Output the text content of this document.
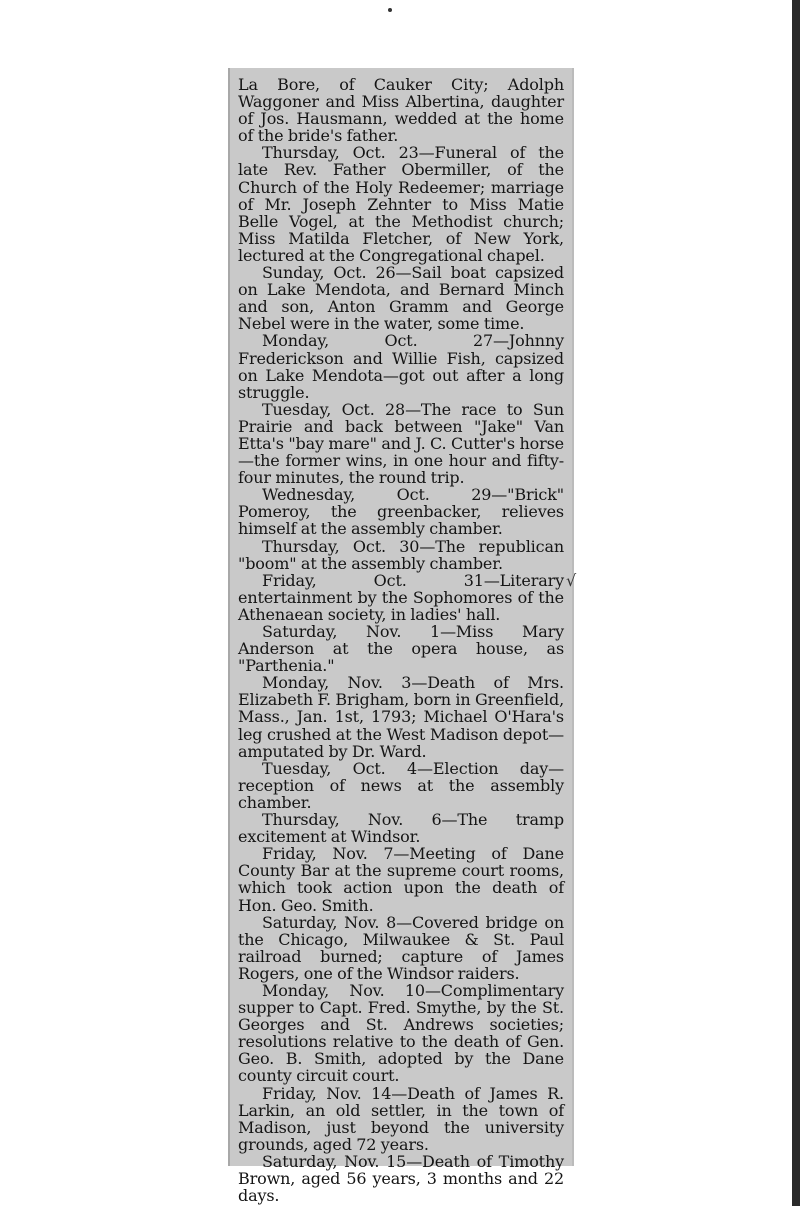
La Bore, of Cauker City; Adolph Waggoner and Miss Albertina, daughter of Jos. Hausmann, wedded at the home of the bride's father.

Thursday, Oct. 23—Funeral of the late Rev. Father Obermiller, of the Church of the Holy Redeemer; marriage of Mr. Joseph Zehnter to Miss Matie Belle Vogel, at the Methodist church; Miss Matilda Fletcher, of New York, lectured at the Congregational chapel.

Sunday, Oct. 26—Sail boat capsized on Lake Mendota, and Bernard Minch and son, Anton Gramm and George Nebel were in the water, some time.

Monday, Oct. 27—Johnny Frederickson and Willie Fish, capsized on Lake Mendota—got out after a long struggle.

Tuesday, Oct. 28—The race to Sun Prairie and back between "Jake" Van Etta's "bay mare" and J. C. Cutter's horse—the former wins, in one hour and fifty-four minutes, the round trip.

Wednesday, Oct. 29—"Brick" Pomeroy, the greenbacker, relieves himself at the assembly chamber.

Thursday, Oct. 30—The republican "boom" at the assembly chamber.

Friday, Oct. 31—Literary entertainment by the Sophomores of the Athenaean society, in ladies' hall.

Saturday, Nov. 1—Miss Mary Anderson at the opera house, as "Parthenia."

Monday, Nov. 3—Death of Mrs. Elizabeth F. Brigham, born in Greenfield, Mass., Jan. 1st, 1793; Michael O'Hara's leg crushed at the West Madison depot—amputated by Dr. Ward.

Tuesday, Oct. 4—Election day—reception of news at the assembly chamber.

Thursday, Nov. 6—The tramp excitement at Windsor.

Friday, Nov. 7—Meeting of Dane County Bar at the supreme court rooms, which took action upon the death of Hon. Geo. Smith.

Saturday, Nov. 8—Covered bridge on the Chicago, Milwaukee & St. Paul railroad burned; capture of James Rogers, one of the Windsor raiders.

Monday, Nov. 10—Complimentary supper to Capt. Fred. Smythe, by the St. Georges and St. Andrews societies; resolutions relative to the death of Gen. Geo. B. Smith, adopted by the Dane county circuit court.

Friday, Nov. 14—Death of James R. Larkin, an old settler, in the town of Madison, just beyond the university grounds, aged 72 years.

Saturday, Nov. 15—Death of Timothy Brown, aged 56 years, 3 months and 22 days.

√
